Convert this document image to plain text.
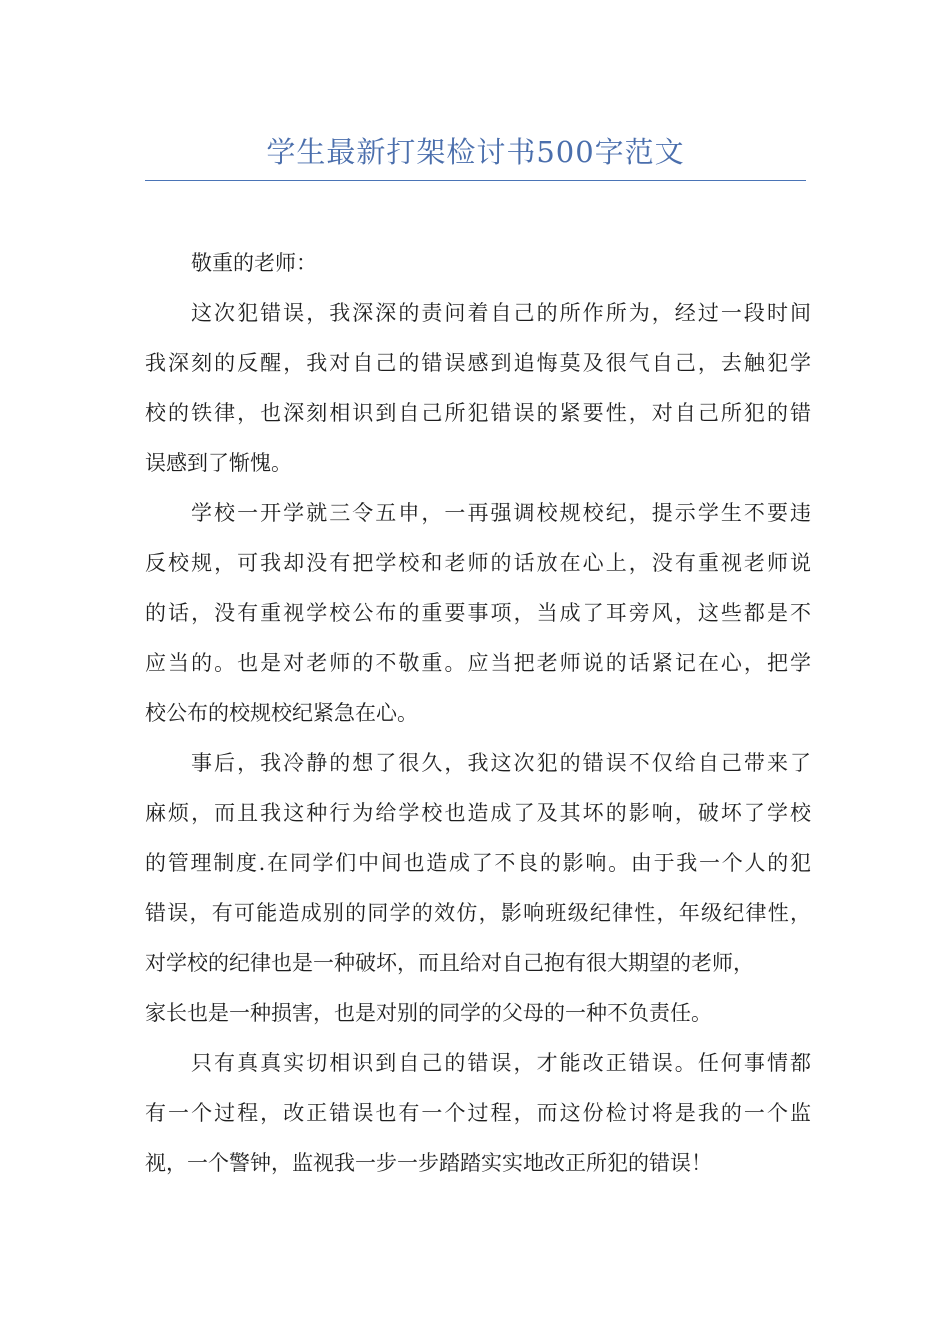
学生最新打架检讨书500字范文
敬重的老师：
这次犯错误，我深深的责问着自己的所作所为，经过一段时间
我深刻的反醒，我对自己的错误感到追悔莫及很气自己，去触犯学
校的铁律，也深刻相识到自己所犯错误的紧要性，对自己所犯的错
误感到了惭愧。
学校一开学就三令五申，一再强调校规校纪，提示学生不要违
反校规，可我却没有把学校和老师的话放在心上，没有重视老师说
的话，没有重视学校公布的重要事项，当成了耳旁风，这些都是不
应当的。也是对老师的不敬重。应当把老师说的话紧记在心，把学
校公布的校规校纪紧急在心。
事后，我冷静的想了很久，我这次犯的错误不仅给自己带来了
麻烦，而且我这种行为给学校也造成了及其坏的影响，破坏了学校
的管理制度.在同学们中间也造成了不良的影响。由于我一个人的犯
错误，有可能造成别的同学的效仿，影响班级纪律性，年级纪律性，
对学校的纪律也是一种破坏，而且给对自己抱有很大期望的老师，
家长也是一种损害，也是对别的同学的父母的一种不负责任。
只有真真实切相识到自己的错误，才能改正错误。任何事情都
有一个过程，改正错误也有一个过程，而这份检讨将是我的一个监
视，一个警钟，监视我一步一步踏踏实实地改正所犯的错误！
